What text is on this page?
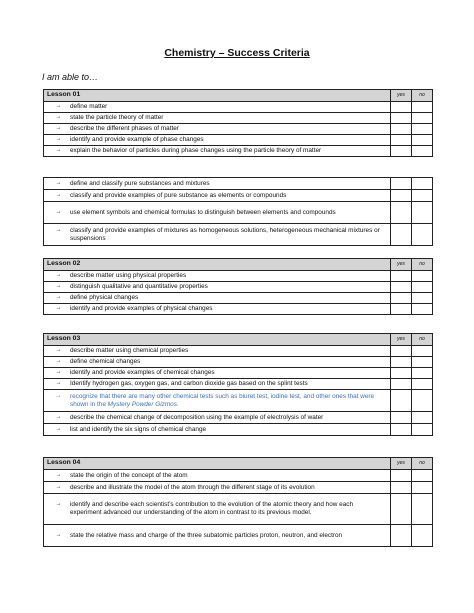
Chemistry – Success Criteria
I am able to…
Lesson 01	yes	no
→ define matter		
→ state the particle theory of matter		
→ describe the different phases of matter		
→ identify and provide example of phase changes		
→ explain the behavior of particles during phase changes using the particle theory of matter		
→ define and classify pure substances and mixtures		
→ classify and provide examples of pure substance as elements or compounds		
→ use element symbols and chemical formulas to distinguish between elements and compounds		
→ classify and provide examples of mixtures as homogeneous solutions, heterogeneous mechanical mixtures or suspensions		
Lesson 02	yes	no
→ describe matter using physical properties		
→ distinguish qualitative and quantitative properties		
→ define physical changes		
→ identify and provide examples of physical changes		
Lesson 03	yes	no
→ describe matter using chemical properties		
→ define chemical changes		
→ identify and provide examples of chemical changes		
→ Identify hydrogen gas, oxygen gas, and carbon dioxide gas based on the splint tests		
→ recognize that there are many other chemical tests such as biuret test, iodine test, and other ones that were shown in the Mystery Powder Gizmos.		
→ describe the chemical change of decomposition using the example of electrolysis of water		
→ list and identify the six signs of chemical change		
Lesson 04	yes	no
→ state the origin of the concept of the atom		
→ describe and illustrate the model of the atom through the different stage of its evolution		
→ identify and describe each scientist’s contribution to the evolution of the atomic theory and how each experiment advanced our understanding of the atom in contrast to its previous model.		
→ state the relative mass and charge of the three subatomic particles proton, neutron, and electron		
